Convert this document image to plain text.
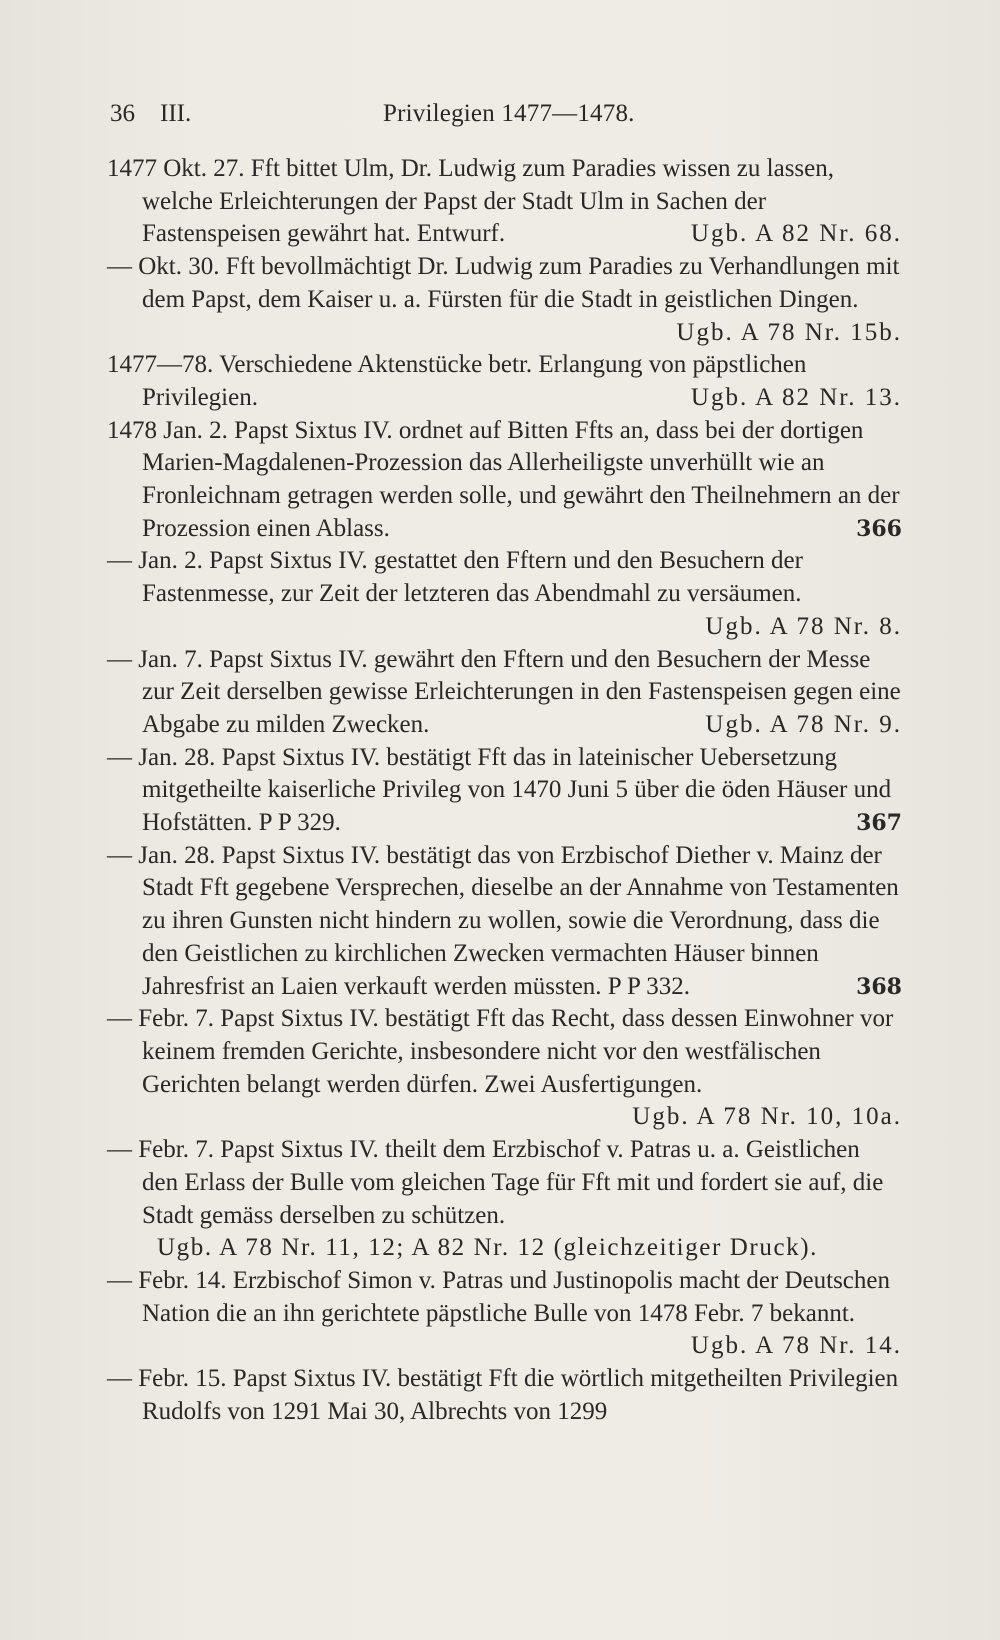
36 III.	Privilegien 1477—1478.
1477 Okt. 27. Fft bittet Ulm, Dr. Ludwig zum Paradies wissen zu lassen, welche Erleichterungen der Papst der Stadt Ulm in Sachen der Fastenspeisen gewährt hat. Entwurf.	Ugb. A 82 Nr. 68.
— Okt. 30. Fft bevollmächtigt Dr. Ludwig zum Paradies zu Verhandlungen mit dem Papst, dem Kaiser u. a. Fürsten für die Stadt in geistlichen Dingen.
Ugb. A 78 Nr. 15b.
1477—78. Verschiedene Aktenstücke betr. Erlangung von päpstlichen Privilegien.	Ugb. A 82 Nr. 13.
1478 Jan. 2. Papst Sixtus IV. ordnet auf Bitten Ffts an, dass bei der dortigen Marien-Magdalenen-Prozession das Allerheiligste unverhüllt wie an Fronleichnam getragen werden solle, und gewährt den Theilnehmern an der Prozession einen Ablass.	366
— Jan. 2. Papst Sixtus IV. gestattet den Fftern und den Besuchern der Fastenmesse, zur Zeit der letzteren das Abendmahl zu versäumen.
Ugb. A 78 Nr. 8.
— Jan. 7. Papst Sixtus IV. gewährt den Fftern und den Besuchern der Messe zur Zeit derselben gewisse Erleichterungen in den Fastenspeisen gegen eine Abgabe zu milden Zwecken.	Ugb. A 78 Nr. 9.
— Jan. 28. Papst Sixtus IV. bestätigt Fft das in lateinischer Uebersetzung mitgetheilte kaiserliche Privileg von 1470 Juni 5 über die öden Häuser und Hofstätten. P P 329.	367
— Jan. 28. Papst Sixtus IV. bestätigt das von Erzbischof Diether v. Mainz der Stadt Fft gegebene Versprechen, dieselbe an der Annahme von Testamenten zu ihren Gunsten nicht hindern zu wollen, sowie die Verordnung, dass die den Geistlichen zu kirchlichen Zwecken vermachten Häuser binnen Jahresfrist an Laien verkauft werden müssten. P P 332.	368
— Febr. 7. Papst Sixtus IV. bestätigt Fft das Recht, dass dessen Einwohner vor keinem fremden Gerichte, insbesondere nicht vor den westfälischen Gerichten belangt werden dürfen. Zwei Ausfertigungen.
Ugb. A 78 Nr. 10, 10a.
— Febr. 7. Papst Sixtus IV. theilt dem Erzbischof v. Patras u. a. Geistlichen den Erlass der Bulle vom gleichen Tage für Fft mit und fordert sie auf, die Stadt gemäss derselben zu schützen.
Ugb. A 78 Nr. 11, 12; A 82 Nr. 12 (gleichzeitiger Druck).
— Febr. 14. Erzbischof Simon v. Patras und Justinopolis macht der Deutschen Nation die an ihn gerichtete päpstliche Bulle von 1478 Febr. 7 bekannt.
Ugb. A 78 Nr. 14.
— Febr. 15. Papst Sixtus IV. bestätigt Fft die wörtlich mitgetheilten Privilegien Rudolfs von 1291 Mai 30, Albrechts von 1299
